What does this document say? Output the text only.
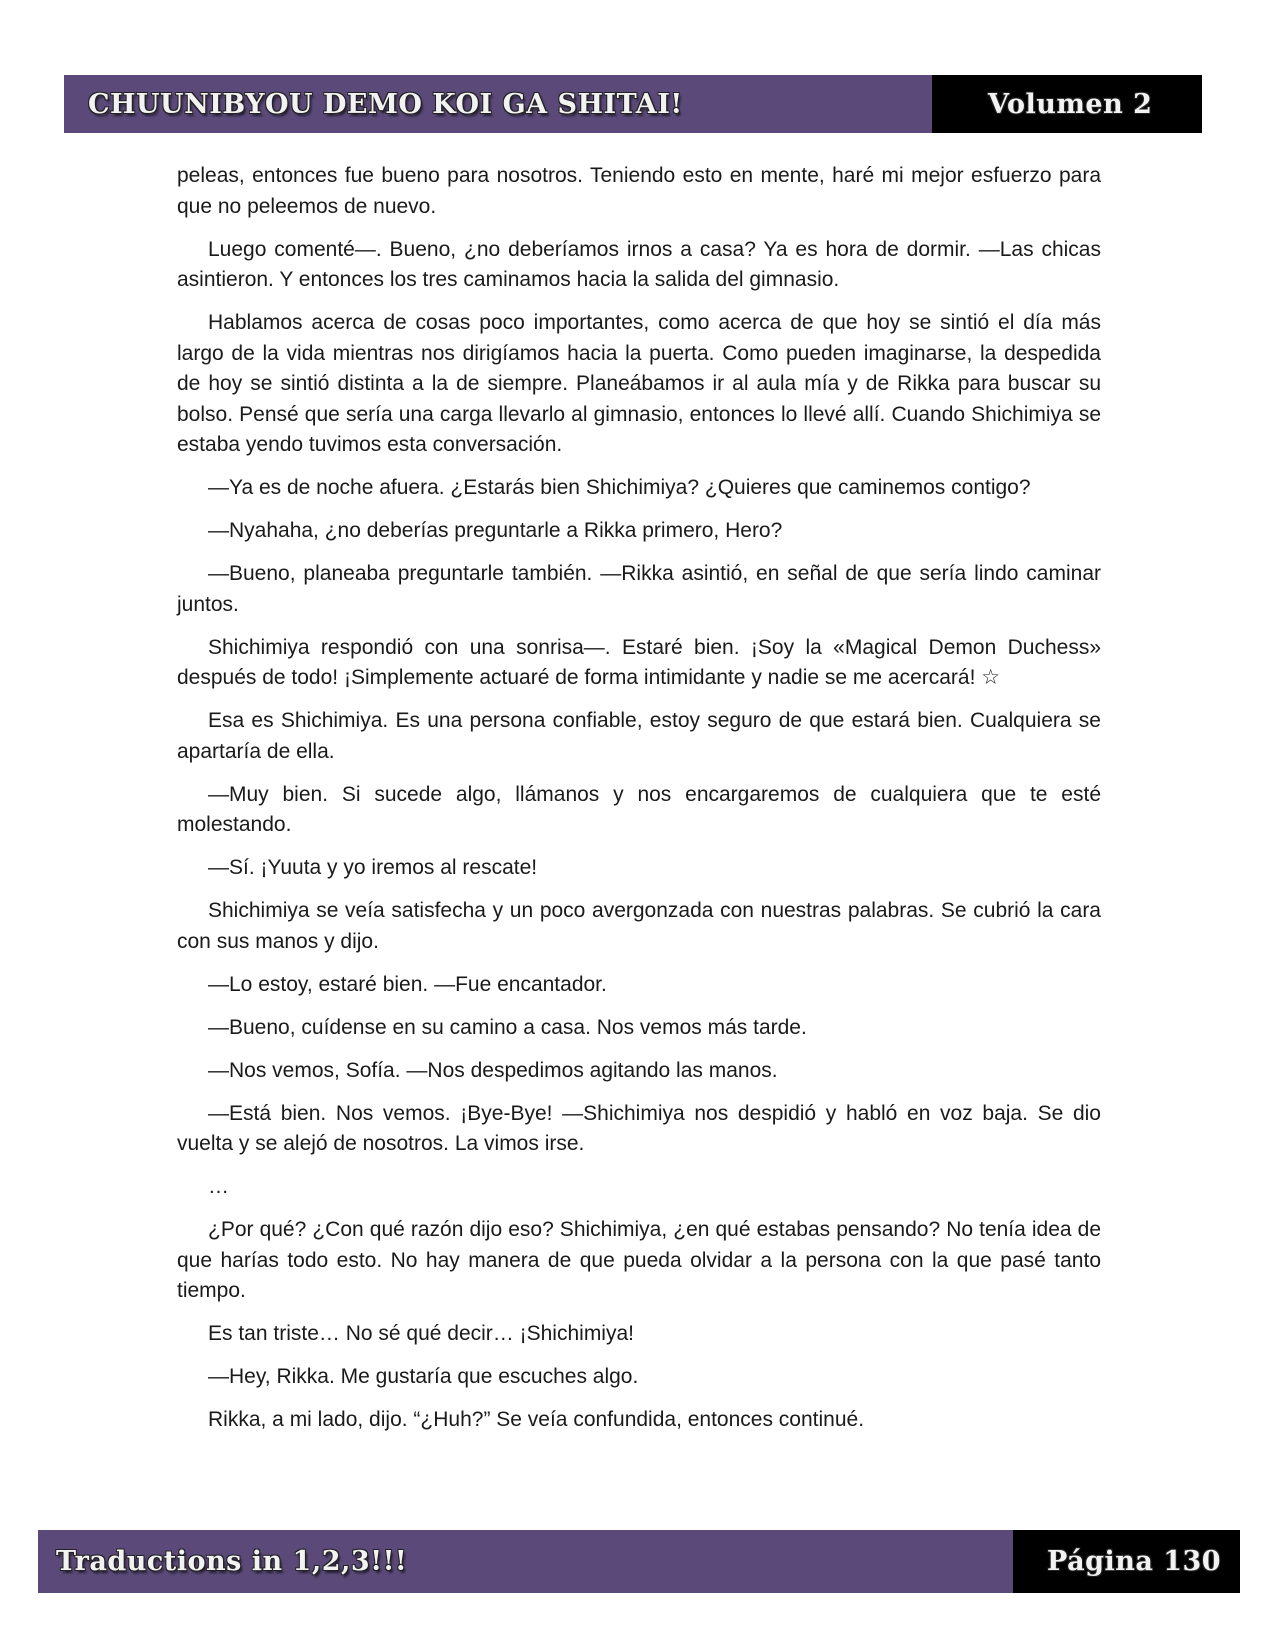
CHUUNIBYOU DEMO KOI GA SHITAI!	Volumen 2

peleas, entonces fue bueno para nosotros. Teniendo esto en mente, haré mi mejor esfuerzo para que no peleemos de nuevo.

Luego comenté—. Bueno, ¿no deberíamos irnos a casa? Ya es hora de dormir. —Las chicas asintieron. Y entonces los tres caminamos hacia la salida del gimnasio.

Hablamos acerca de cosas poco importantes, como acerca de que hoy se sintió el día más largo de la vida mientras nos dirigíamos hacia la puerta. Como pueden imaginarse, la despedida de hoy se sintió distinta a la de siempre. Planeábamos ir al aula mía y de Rikka para buscar su bolso. Pensé que sería una carga llevarlo al gimnasio, entonces lo llevé allí. Cuando Shichimiya se estaba yendo tuvimos esta conversación.

—Ya es de noche afuera. ¿Estarás bien Shichimiya? ¿Quieres que caminemos contigo?

—Nyahaha, ¿no deberías preguntarle a Rikka primero, Hero?

—Bueno, planeaba preguntarle también. —Rikka asintió, en señal de que sería lindo caminar juntos.

Shichimiya respondió con una sonrisa—. Estaré bien. ¡Soy la «Magical Demon Duchess» después de todo! ¡Simplemente actuaré de forma intimidante y nadie se me acercará! ☆

Esa es Shichimiya. Es una persona confiable, estoy seguro de que estará bien. Cualquiera se apartaría de ella.

—Muy bien. Si sucede algo, llámanos y nos encargaremos de cualquiera que te esté molestando.

—Sí. ¡Yuuta y yo iremos al rescate!

Shichimiya se veía satisfecha y un poco avergonzada con nuestras palabras. Se cubrió la cara con sus manos y dijo.

—Lo estoy, estaré bien. —Fue encantador.

—Bueno, cuídense en su camino a casa. Nos vemos más tarde.

—Nos vemos, Sofía. —Nos despedimos agitando las manos.

—Está bien. Nos vemos. ¡Bye-Bye! —Shichimiya nos despidió y habló en voz baja. Se dio vuelta y se alejó de nosotros. La vimos irse.

…

¿Por qué? ¿Con qué razón dijo eso? Shichimiya, ¿en qué estabas pensando? No tenía idea de que harías todo esto. No hay manera de que pueda olvidar a la persona con la que pasé tanto tiempo.

Es tan triste… No sé qué decir… ¡Shichimiya!

—Hey, Rikka. Me gustaría que escuches algo.

Rikka, a mi lado, dijo. “¿Huh?” Se veía confundida, entonces continué.

Traductions in 1,2,3!!!	Página 130
